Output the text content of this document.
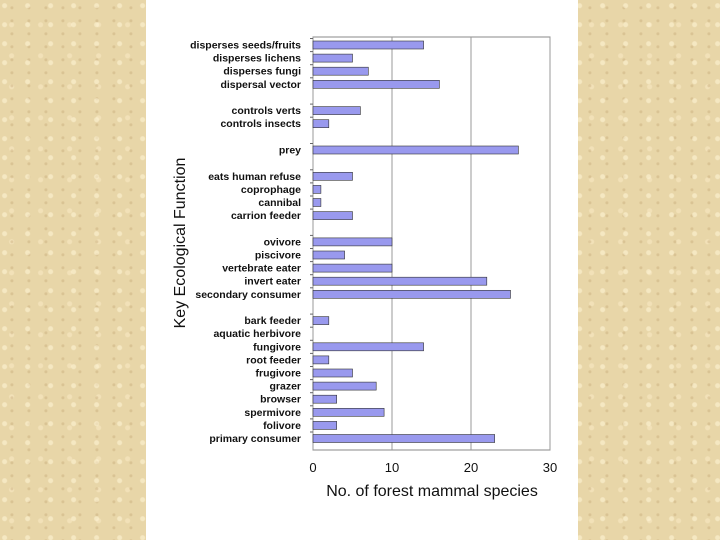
0	10	20	30
disperses seeds/fruits
disperses lichens
disperses fungi
dispersal vector
controls verts
controls insects
prey
eats human refuse
coprophage
cannibal
carrion feeder
ovivore
piscivore
vertebrate eater
invert eater
secondary consumer
bark feeder
aquatic herbivore
fungivore
root feeder
frugivore
grazer
browser
spermivore
folivore
primary consumer
No. of forest mammal species
Key Ecological Function
